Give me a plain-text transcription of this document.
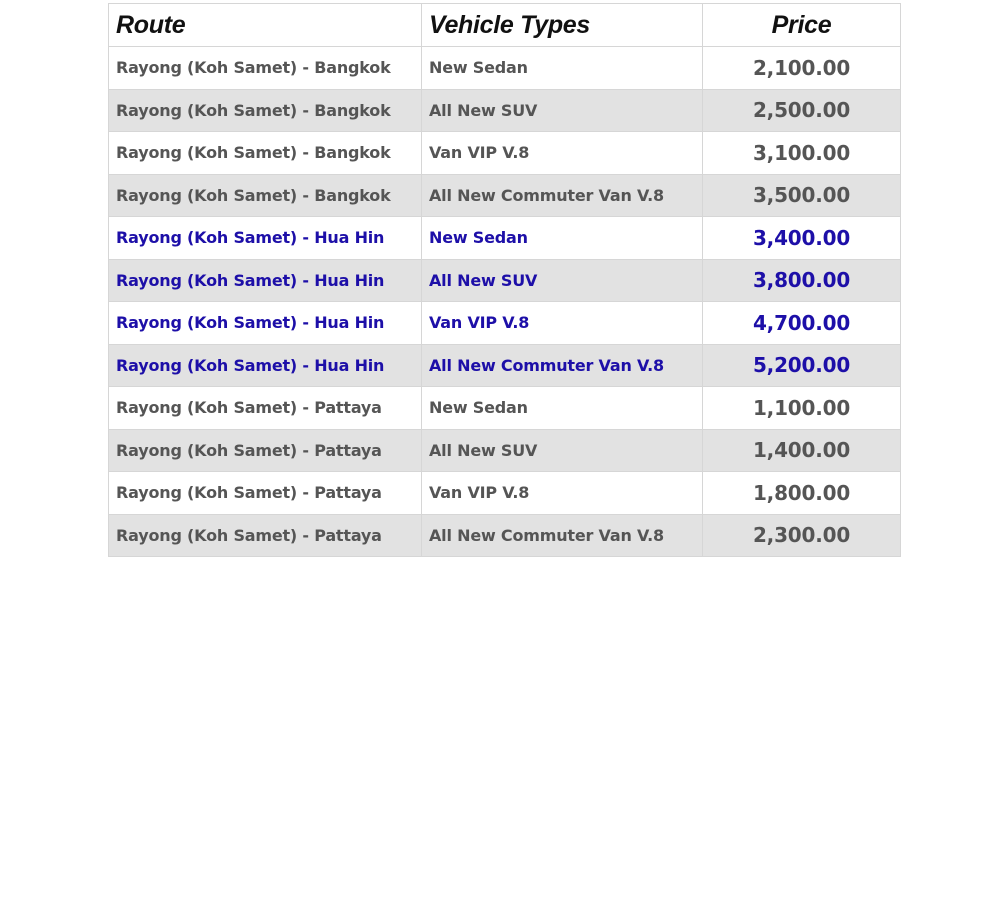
Route	Vehicle Types	Price
Rayong (Koh Samet) - Bangkok	New Sedan	2,100.00
Rayong (Koh Samet) - Bangkok	All New SUV	2,500.00
Rayong (Koh Samet) - Bangkok	Van VIP V.8	3,100.00
Rayong (Koh Samet) - Bangkok	All New Commuter Van V.8	3,500.00
Rayong (Koh Samet) - Hua Hin	New Sedan	3,400.00
Rayong (Koh Samet) - Hua Hin	All New SUV	3,800.00
Rayong (Koh Samet) - Hua Hin	Van VIP V.8	4,700.00
Rayong (Koh Samet) - Hua Hin	All New Commuter Van V.8	5,200.00
Rayong (Koh Samet) - Pattaya	New Sedan	1,100.00
Rayong (Koh Samet) - Pattaya	All New SUV	1,400.00
Rayong (Koh Samet) - Pattaya	Van VIP V.8	1,800.00
Rayong (Koh Samet) - Pattaya	All New Commuter Van V.8	2,300.00
